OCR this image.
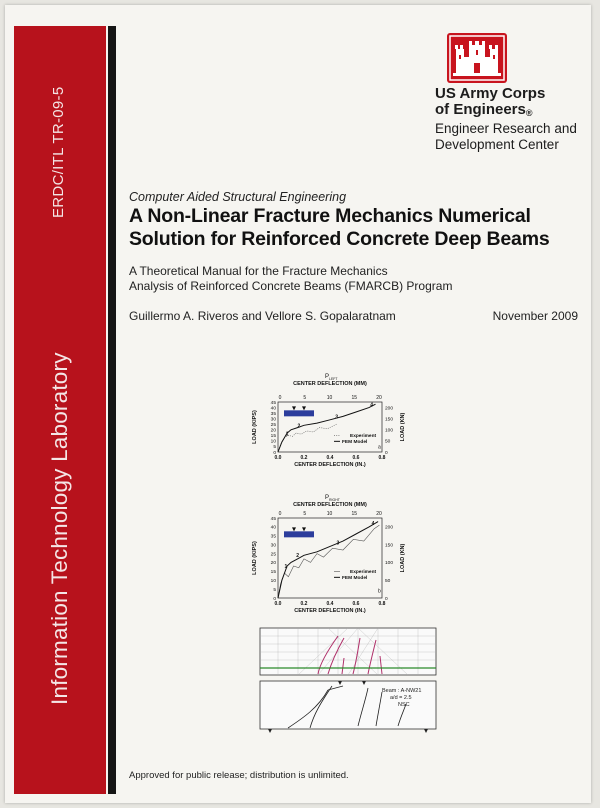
ERDC/ITL TR-09-5
Information Technology Laboratory
US Army Corps
of Engineers®
Engineer Research and
Development Center
Computer Aided Structural Engineering
A Non-Linear Fracture Mechanics Numerical
Solution for Reinforced Concrete Deep Beams
A Theoretical Manual for the Fracture Mechanics
Analysis of Reinforced Concrete Beams (FMARCB) Program
Guillermo A. Riveros and Vellore S. Gopalaratnam	November 2009
P LEFT
CENTER DEFLECTION (MM)
0	5	10	15	20
0
5
10
15
20
25
30
35
40
45
0
50
100
150
200
0.0	0.2	0.4	0.6	0.8
CENTER DEFLECTION (IN.)
LOAD (KIPS)	LOAD (KN)
1
2
3
4
Experiment
FEM Model
a
P RIGHT
CENTER DEFLECTION (MM)
0	5	10	15	20
0
5
10
15
20
25
30
35
40
45
0
50
100
150
200
0.0	0.2	0.4	0.6	0.8
CENTER DEFLECTION (IN.)
LOAD (KIPS)	LOAD (KN)
1
2
3
4
Experiment
FEM Model
b
Beam : A-NW21
a/d = 2.5
NSC
Approved for public release; distribution is unlimited.
